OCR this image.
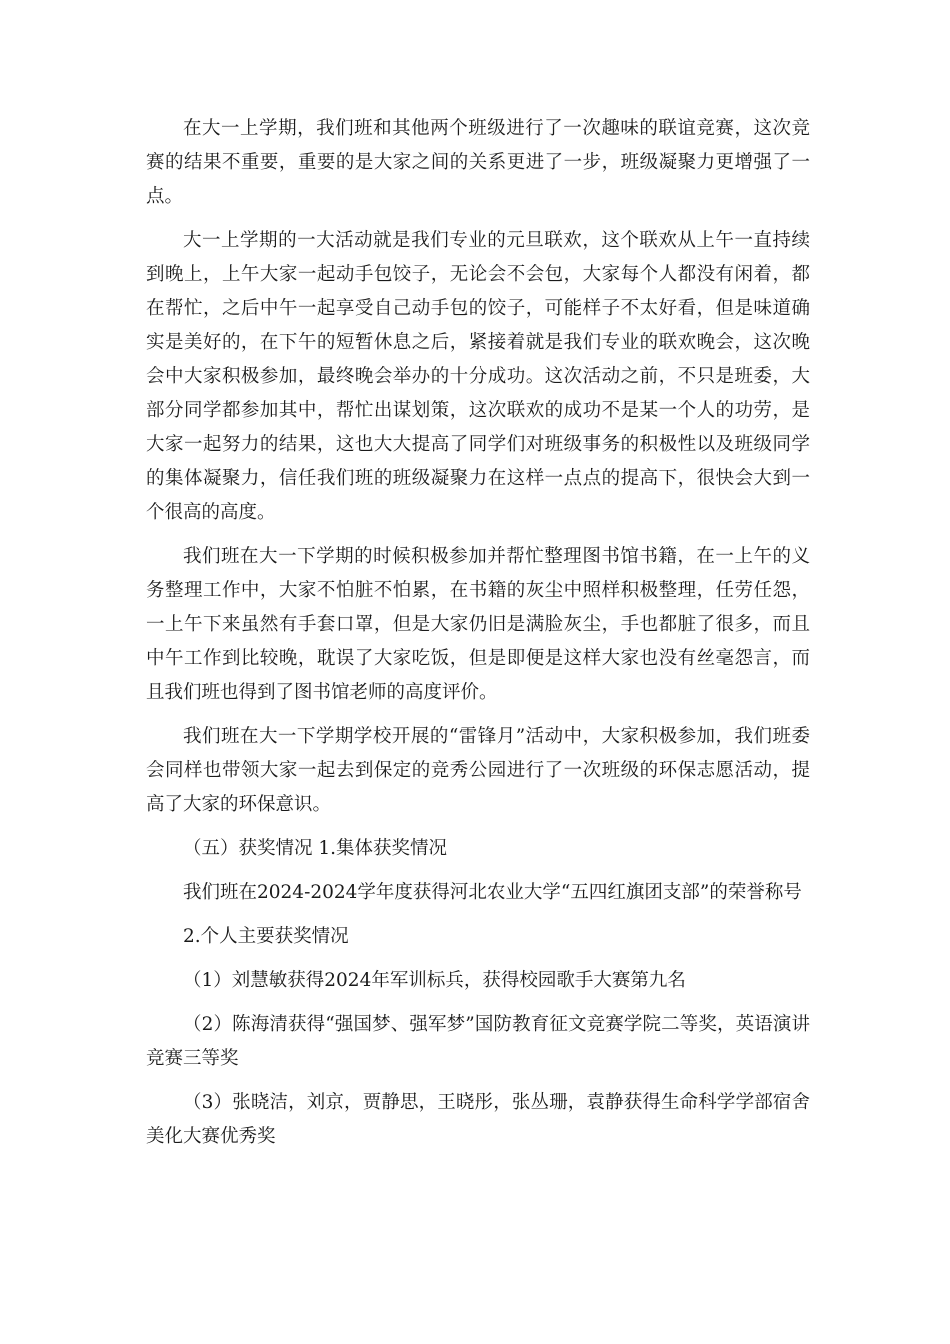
在大一上学期，我们班和其他两个班级进行了一次趣味的联谊竞赛，这次竞赛的结果不重要，重要的是大家之间的关系更进了一步，班级凝聚力更增强了一点。

大一上学期的一大活动就是我们专业的元旦联欢，这个联欢从上午一直持续到晚上，上午大家一起动手包饺子，无论会不会包，大家每个人都没有闲着，都在帮忙，之后中午一起享受自己动手包的饺子，可能样子不太好看，但是味道确实是美好的，在下午的短暂休息之后，紧接着就是我们专业的联欢晚会，这次晚会中大家积极参加，最终晚会举办的十分成功。这次活动之前，不只是班委，大部分同学都参加其中，帮忙出谋划策，这次联欢的成功不是某一个人的功劳，是大家一起努力的结果，这也大大提高了同学们对班级事务的积极性以及班级同学的集体凝聚力，信任我们班的班级凝聚力在这样一点点的提高下，很快会大到一个很高的高度。

我们班在大一下学期的时候积极参加并帮忙整理图书馆书籍，在一上午的义务整理工作中，大家不怕脏不怕累，在书籍的灰尘中照样积极整理，任劳任怨，一上午下来虽然有手套口罩，但是大家仍旧是满脸灰尘，手也都脏了很多，而且中午工作到比较晚，耽误了大家吃饭，但是即便是这样大家也没有丝毫怨言，而且我们班也得到了图书馆老师的高度评价。

我们班在大一下学期学校开展的“雷锋月”活动中，大家积极参加，我们班委会同样也带领大家一起去到保定的竞秀公园进行了一次班级的环保志愿活动，提高了大家的环保意识。

（五）获奖情况 1.集体获奖情况

我们班在2024-2024学年度获得河北农业大学“五四红旗团支部”的荣誉称号

2.个人主要获奖情况

（1）刘慧敏获得2024年军训标兵，获得校园歌手大赛第九名

（2）陈海清获得“强国梦、强军梦”国防教育征文竞赛学院二等奖，英语演讲竞赛三等奖

（3）张晓洁，刘京，贾静思，王晓彤，张丛珊，袁静获得生命科学学部宿舍美化大赛优秀奖
